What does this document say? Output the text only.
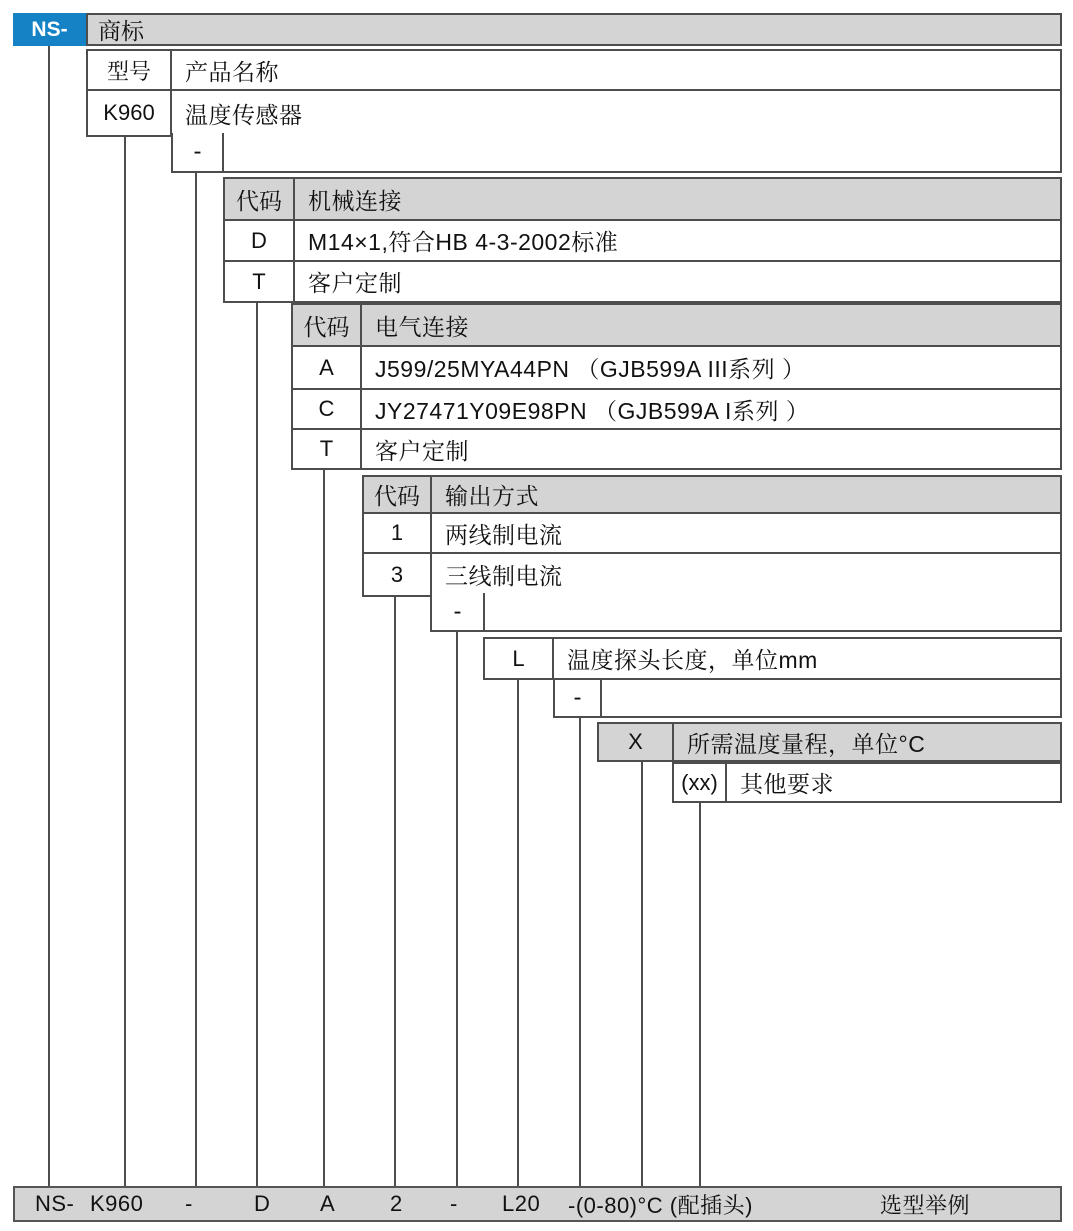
NS-	商标
型号	产品名称
K960	温度传感器
-
代码	机械连接
D	M14×1,符合HB 4-3-2002标准
T	客户定制
代码	电气连接
A	J599/25MYA44PN （GJB599A III系列 ）
C	JY27471Y09E98PN （GJB599A I系列 ）
T	客户定制
代码	输出方式
1	两线制电流
3	三线制电流
-
L	温度探头长度，单位mm
-
X	所需温度量程，单位°C
(xx) 其他要求
NS- K960 -	D A 2 - L20 -(0-80)°C (配插头)	选型举例
